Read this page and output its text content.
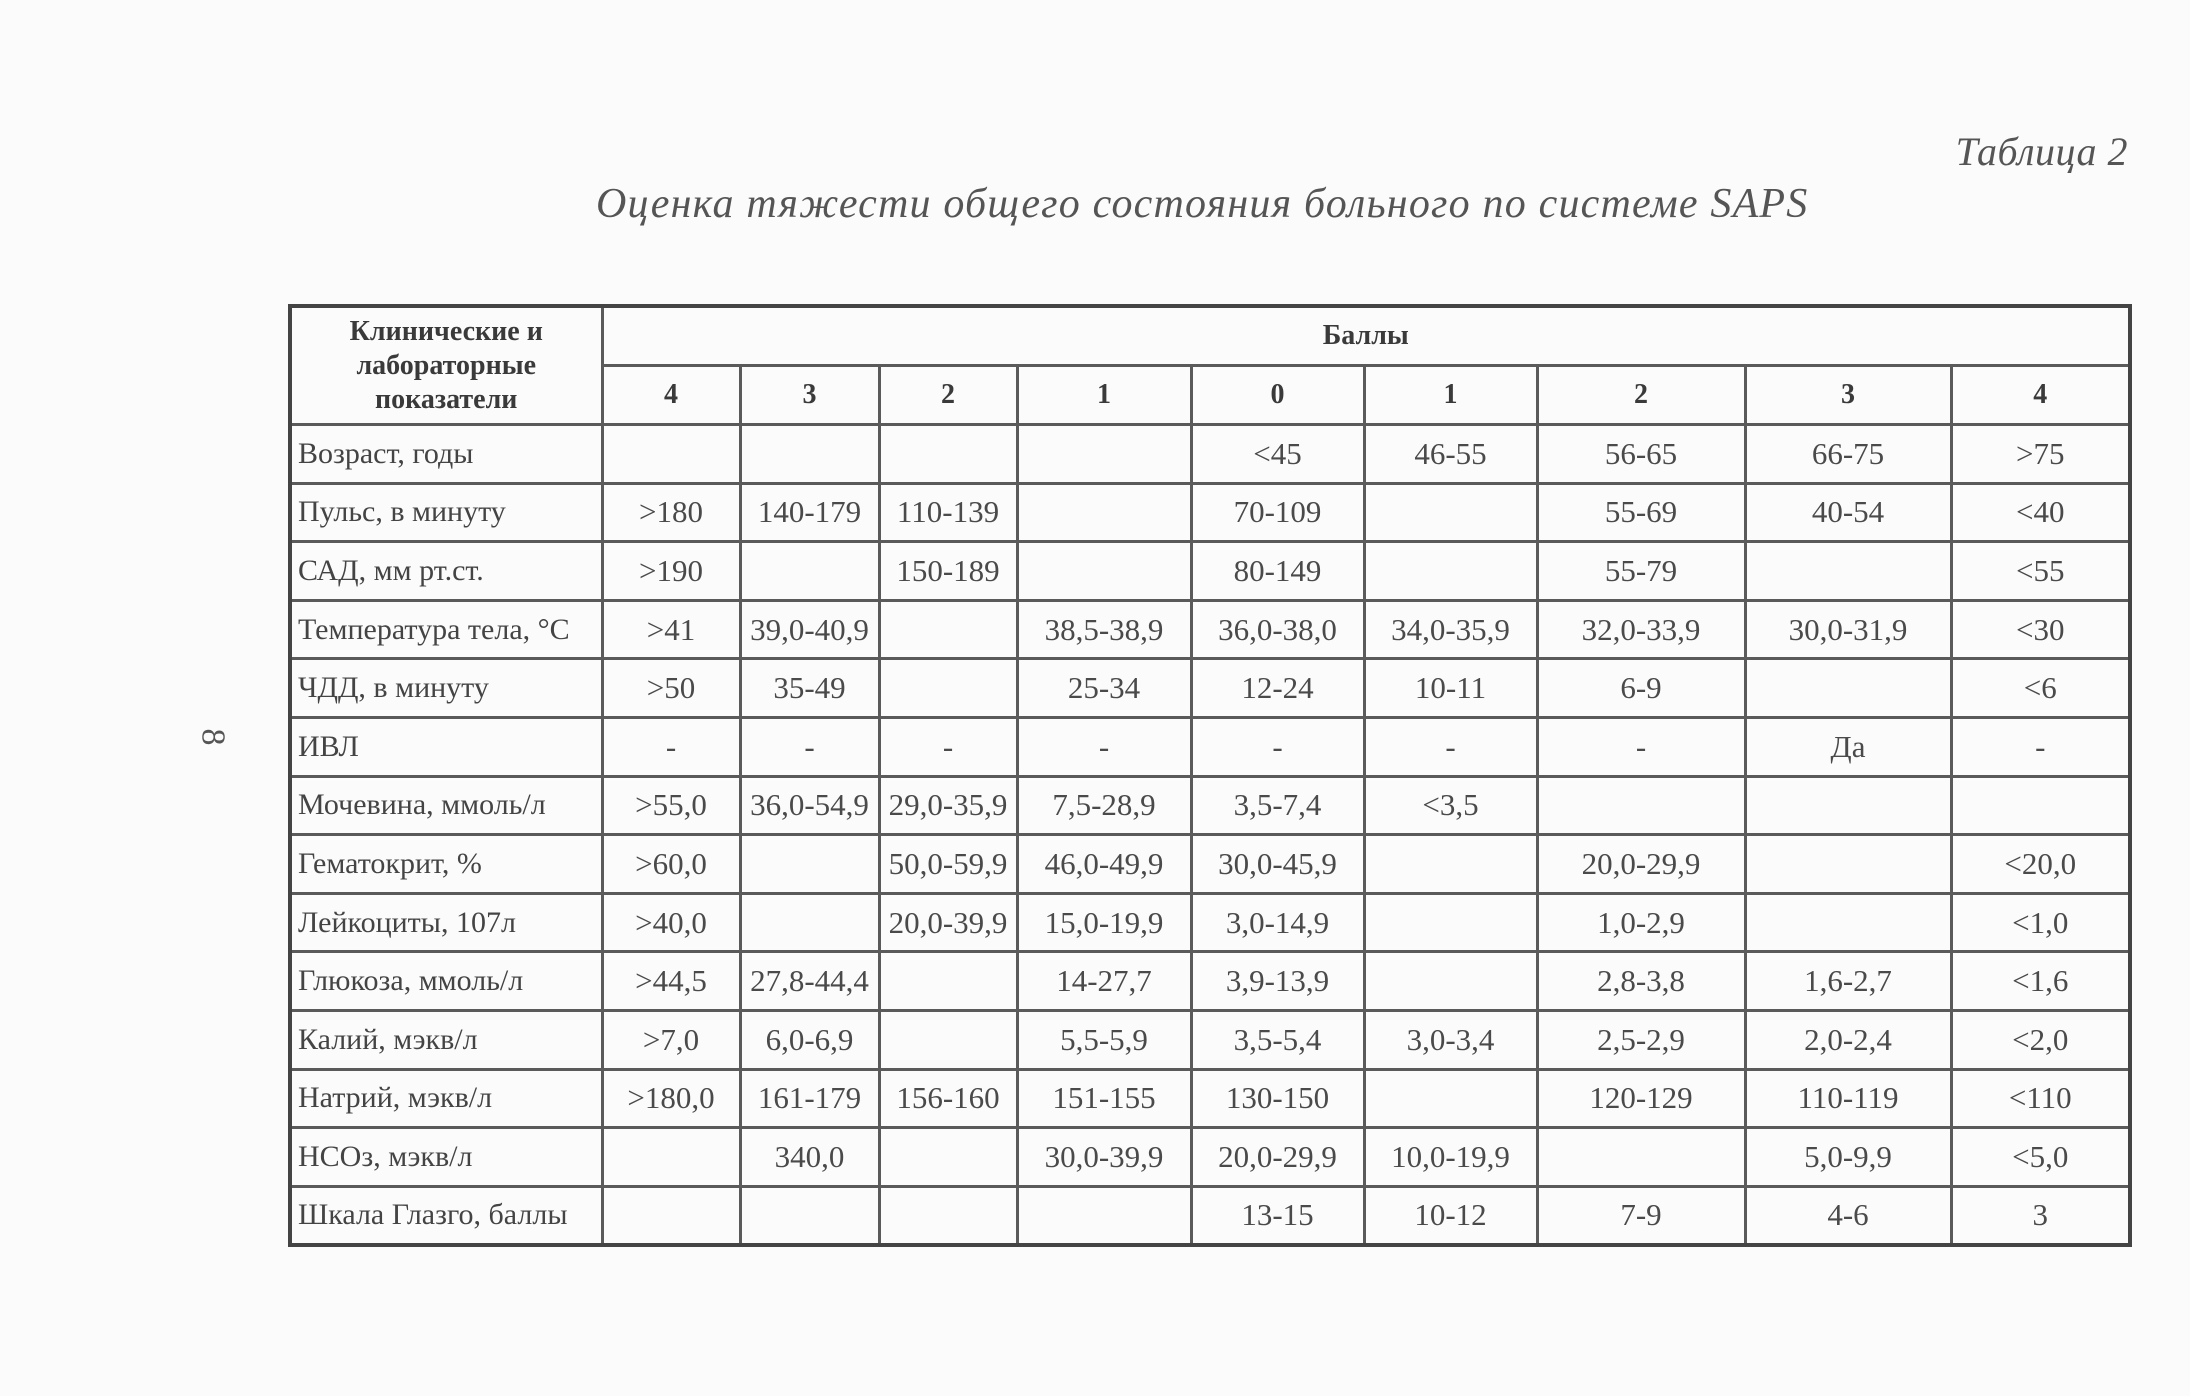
Таблица 2
Оценка тяжести общего состояния больного по системе SAPS
8
Клинические и лабораторные показатели	Баллы								
	4	3	2	1	0	1	2	3	4
Возраст, годы					<45	46-55	56-65	66-75	>75
Пульс, в минуту	>180	140-179	110-139		70-109		55-69	40-54	<40
САД, мм рт.ст.	>190		150-189		80-149		55-79		<55
Температура тела, °С	>41	39,0-40,9		38,5-38,9	36,0-38,0	34,0-35,9	32,0-33,9	30,0-31,9	<30
ЧДД, в минуту	>50	35-49		25-34	12-24	10-11	6-9		<6
ИВЛ	-	-	-	-	-	-	-	Да	-
Мочевина, ммоль/л	>55,0	36,0-54,9	29,0-35,9	7,5-28,9	3,5-7,4	<3,5			
Гематокрит, %	>60,0		50,0-59,9	46,0-49,9	30,0-45,9		20,0-29,9		<20,0
Лейкоциты, 107л	>40,0		20,0-39,9	15,0-19,9	3,0-14,9		1,0-2,9		<1,0
Глюкоза, ммоль/л	>44,5	27,8-44,4		14-27,7	3,9-13,9		2,8-3,8	1,6-2,7	<1,6
Калий, мэкв/л	>7,0	6,0-6,9		5,5-5,9	3,5-5,4	3,0-3,4	2,5-2,9	2,0-2,4	<2,0
Натрий, мэкв/л	>180,0	161-179	156-160	151-155	130-150		120-129	110-119	<110
НСОз, мэкв/л		340,0		30,0-39,9	20,0-29,9	10,0-19,9		5,0-9,9	<5,0
Шкала Глазго, баллы					13-15	10-12	7-9	4-6	3
